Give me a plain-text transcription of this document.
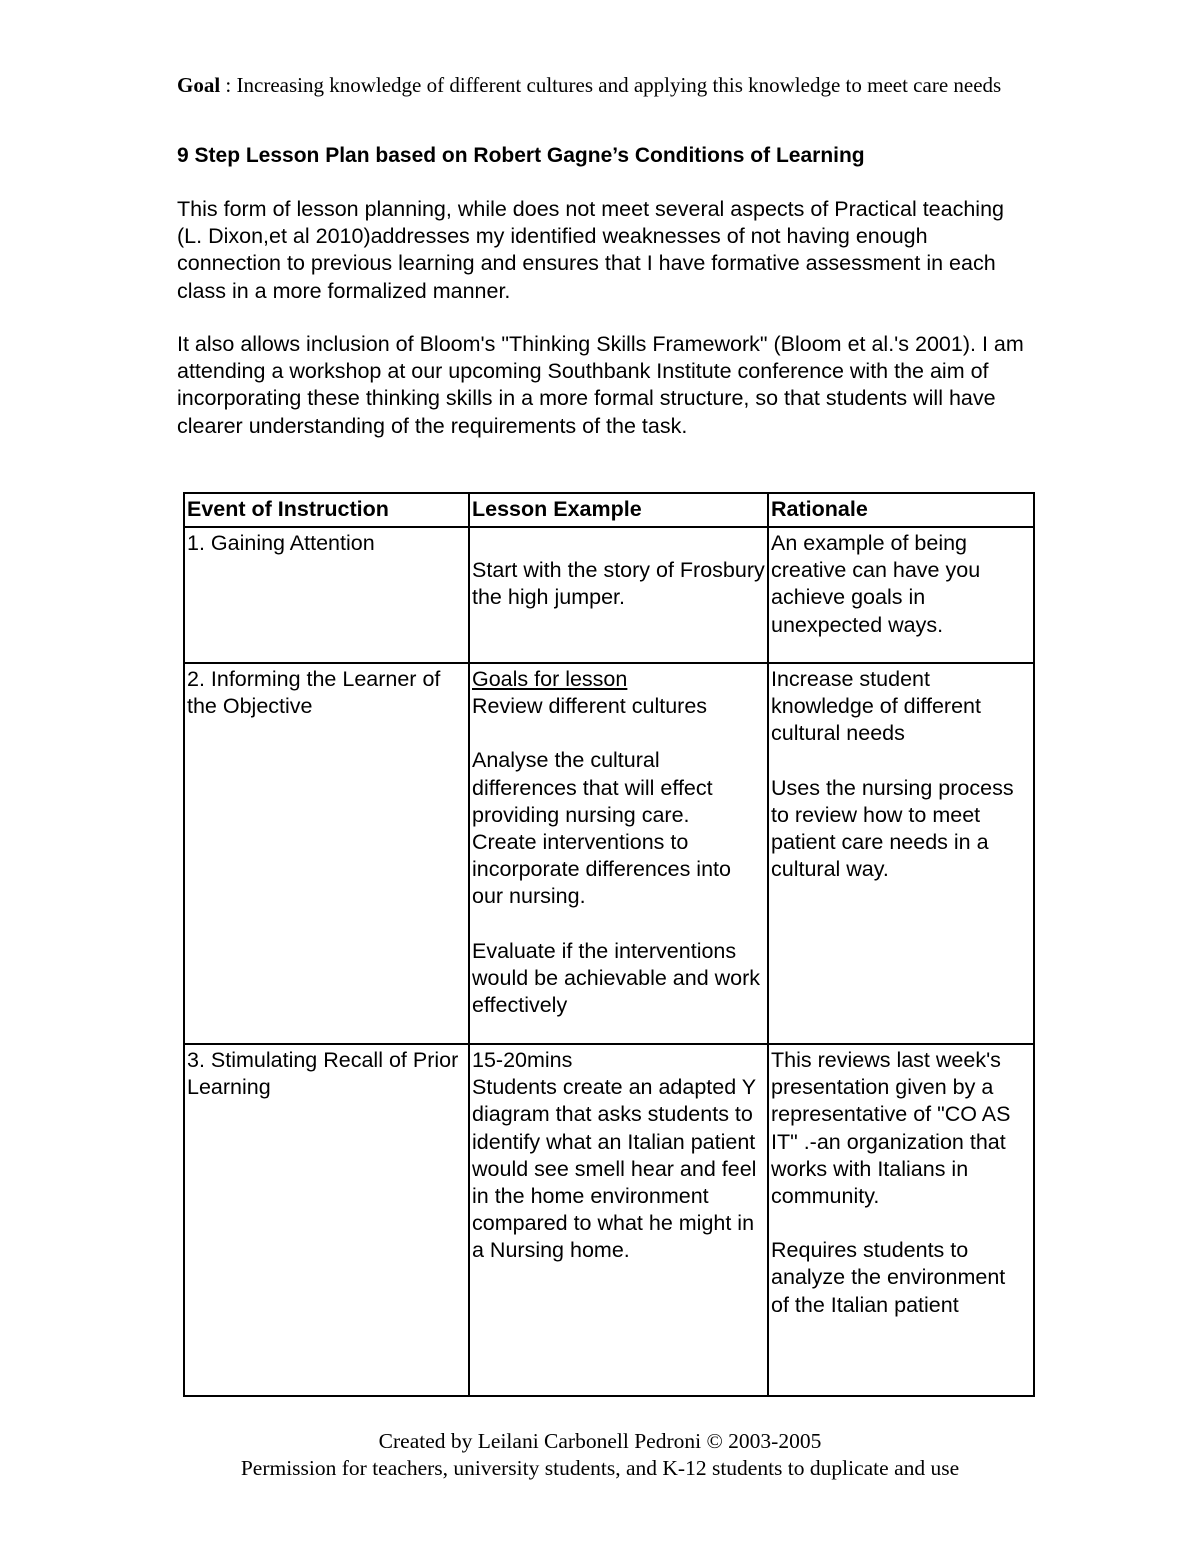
Goal : Increasing knowledge of different cultures and applying this knowledge to meet care needs
9 Step Lesson Plan based on Robert Gagne’s Conditions of Learning
This form of lesson planning, while does not meet several aspects of Practical teaching (L. Dixon,et al 2010)addresses my identified weaknesses of not having enough connection to previous learning and ensures that I have formative assessment in each class in a more formalized manner.
It also allows inclusion of Bloom's "Thinking Skills Framework" (Bloom et al.'s 2001). I am attending a workshop at our upcoming Southbank Institute conference with the aim of incorporating these thinking skills in a more formal structure, so that students will have clearer understanding of the requirements of the task.
Event of Instruction	Lesson Example	Rationale

1. Gaining Attention	Start with the story of Frosbury the high jumper.	An example of being creative can have you achieve goals in unexpected ways.

2. Informing the Learner of the Objective	Goals for lesson
Review different cultures
Analyse the cultural differences that will effect providing nursing care.
Create interventions to incorporate differences into our nursing.
Evaluate if the interventions  would be achievable and work effectively	Increase student knowledge of different cultural needs
Uses the nursing process to review how to meet patient care needs in a cultural way.

3. Stimulating Recall of Prior Learning	15-20mins
Students create an adapted Y diagram that asks students to identify what an Italian patient would see smell hear and feel in the home environment compared to what he might in a Nursing home.	This reviews last week's  presentation given by a representative of "CO AS IT" .-an organization that works with Italians in community.
Requires students to analyze the environment  of the Italian patient
Created by Leilani Carbonell Pedroni © 2003-2005
Permission for teachers, university students, and K-12 students to duplicate and use
